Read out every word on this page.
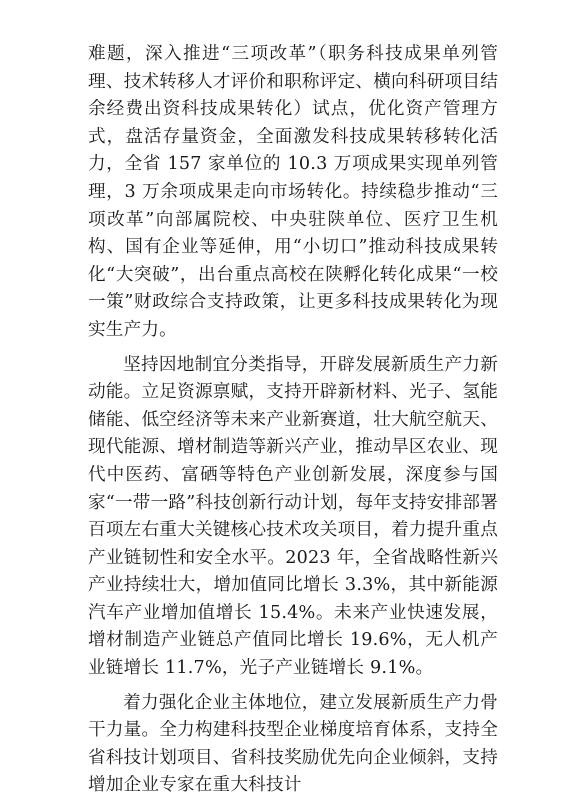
难题，深入推进“三项改革”（职务科技成果单列管理、技术转移人才评价和职称评定、横向科研项目结余经费出资科技成果转化）试点，优化资产管理方式，盘活存量资金，全面激发科技成果转移转化活力，全省 157 家单位的 10.3 万项成果实现单列管理，3 万余项成果走向市场转化。持续稳步推动“三项改革”向部属院校、中央驻陕单位、医疗卫生机构、国有企业等延伸，用“小切口”推动科技成果转化“大突破”，出台重点高校在陕孵化转化成果“一校一策”财政综合支持政策，让更多科技成果转化为现实生产力。

坚持因地制宜分类指导，开辟发展新质生产力新动能。立足资源禀赋，支持开辟新材料、光子、氢能储能、低空经济等未来产业新赛道，壮大航空航天、现代能源、增材制造等新兴产业，推动旱区农业、现代中医药、富硒等特色产业创新发展，深度参与国家“一带一路”科技创新行动计划，每年支持安排部署百项左右重大关键核心技术攻关项目，着力提升重点产业链韧性和安全水平。2023 年，全省战略性新兴产业持续壮大，增加值同比增长 3.3%，其中新能源汽车产业增加值增长 15.4%。未来产业快速发展，增材制造产业链总产值同比增长 19.6%，无人机产业链增长 11.7%，光子产业链增长 9.1%。

着力强化企业主体地位，建立发展新质生产力骨干力量。全力构建科技型企业梯度培育体系，支持全省科技计划项目、省科技奖励优先向企业倾斜，支持增加企业专家在重大科技计
